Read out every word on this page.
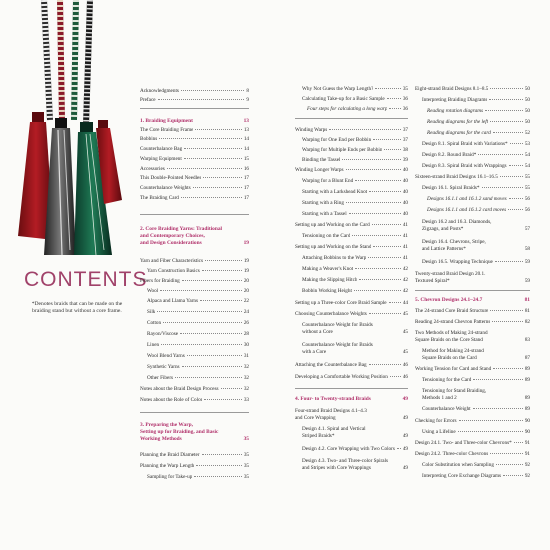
CONTENTS
*Denotes braids that can be made on the braiding stand but without a core frame.
Acknowledgments	8
Preface	9
1. Braiding Equipment	13
The Core Braiding Frame	13
Bobbins	14
Counterbalance Bag	14
Warping Equipment	15
Accessories	16
This Double-Pointed Needles	17
Counterbalance Weights	17
The Braiding Card	17
2. Core Braiding Yarns: Traditional
and Contemporary Choices,
and Design Considerations	19
Yarn and Fiber Characteristics	19
Yarn Construction Basics	19
Fibers for Braiding	20
Wool	20
Alpaca and Llama Yarns	22
Silk	24
Cotton	26
Rayon/Viscose	28
Linen	30
Wool Blend Yarns	31
Synthetic Yarns	32
Other Fibers	32
Notes about the Braid Design Process	32
Notes about the Role of Color	33
3. Preparing the Warp,
Setting up for Braiding, and Basic
Working Methods	35
Planning the Braid Diameter	35
Planning the Warp Length	35
Sampling for Take-up	35
Why Not Guess the Warp Length?	35
Calculating Take-up for a Basic Sample	36
Four steps for calculating a long warp	36
Winding Warps	37
Warping for One End per Bobbin	37
Warping for Multiple Ends per Bobbin	38
Binding the Tassel	39
Winding Longer Warps	40
Warping for a Blunt End	40
Starting with a Larkshead Knot	40
Starting with a Ring	40
Starting with a Tassel	40
Setting up and Working on the Card	41
Tensioning on the Card	41
Setting up and Working on the Stand	41
Attaching Bobbins to the Warp	41
Making a Weaver's Knot	42
Making the Slipping Hitch	42
Bobbin Working Height	42
Setting up a Three-color Core Braid Sample	44
Choosing Counterbalance Weights	45
Counterbalance Weight for Braids
without a Core	45
Counterbalance Weight for Braids
with a Core	45
Attaching the Counterbalance Bag	46
Developing a Comfortable Working Position	46
4. Four- to Twenty-strand Braids	49
Four-strand Braid Designs 4.1–4.3
and Core Wrapping	49
Design 4.1. Spiral and Vertical
Striped Braids*	49
Design 4.2. Core Wrapping with Two Colors 49
Design 4.3. Two- and Three-color Spirals
and Stripes with Core Wrappings	49
Eight-strand Braid Designs 8.1–8.5	50
Interpreting Braiding Diagrams	50
Reading rotation diagrams	50
Reading diagrams for the left	50
Reading diagrams for the card	52
Design 8.1. Spiral Braid with Variations*	53
Design 8.2. Round Braid*	54
Design 8.3. Spiral Braid with Wrappings	54
Sixteen-strand Braid Designs 16.1–16.5	55
Design 16.1. Spiral Braids*	55
Designs 16.1.1 and 16.1.2 sand moves	56
Designs 16.1.1 and 16.1.2 card moves	56
Design 16.2 and 16.3. Diamonds,
Zigzags, and Posts*	57
Design 16.4. Chevrons, Stripe,
and Lattice Patterns*	58
Design 16.5. Wrapping Technique	59
Twenty-strand Braid Design 20.1.
Textured Spiral*	59
5. Chevron Designs 24.1–24.7	81
The 24-strand Core Braid Structure	81
Reading 24-strand Chevron Patterns	82
Two Methods of Making 24-strand
Square Braids on the Core Stand	83
Method for Making 24-strand
Square Braids on the Card	87
Working Tension for Card and Stand	89
Tensioning for the Card	89
Tensioning for Stand Braiding,
Methods 1 and 2	89
Counterbalance Weight	89
Checking for Errors	90
Using a Lifeline	90
Design 24.1. Two- and Three-color Chevrons*	91
Design 24.2. Three-color Chevrons	91
Color Substitution when Sampling	92
Interpreting Core Exchange Diagrams	92
